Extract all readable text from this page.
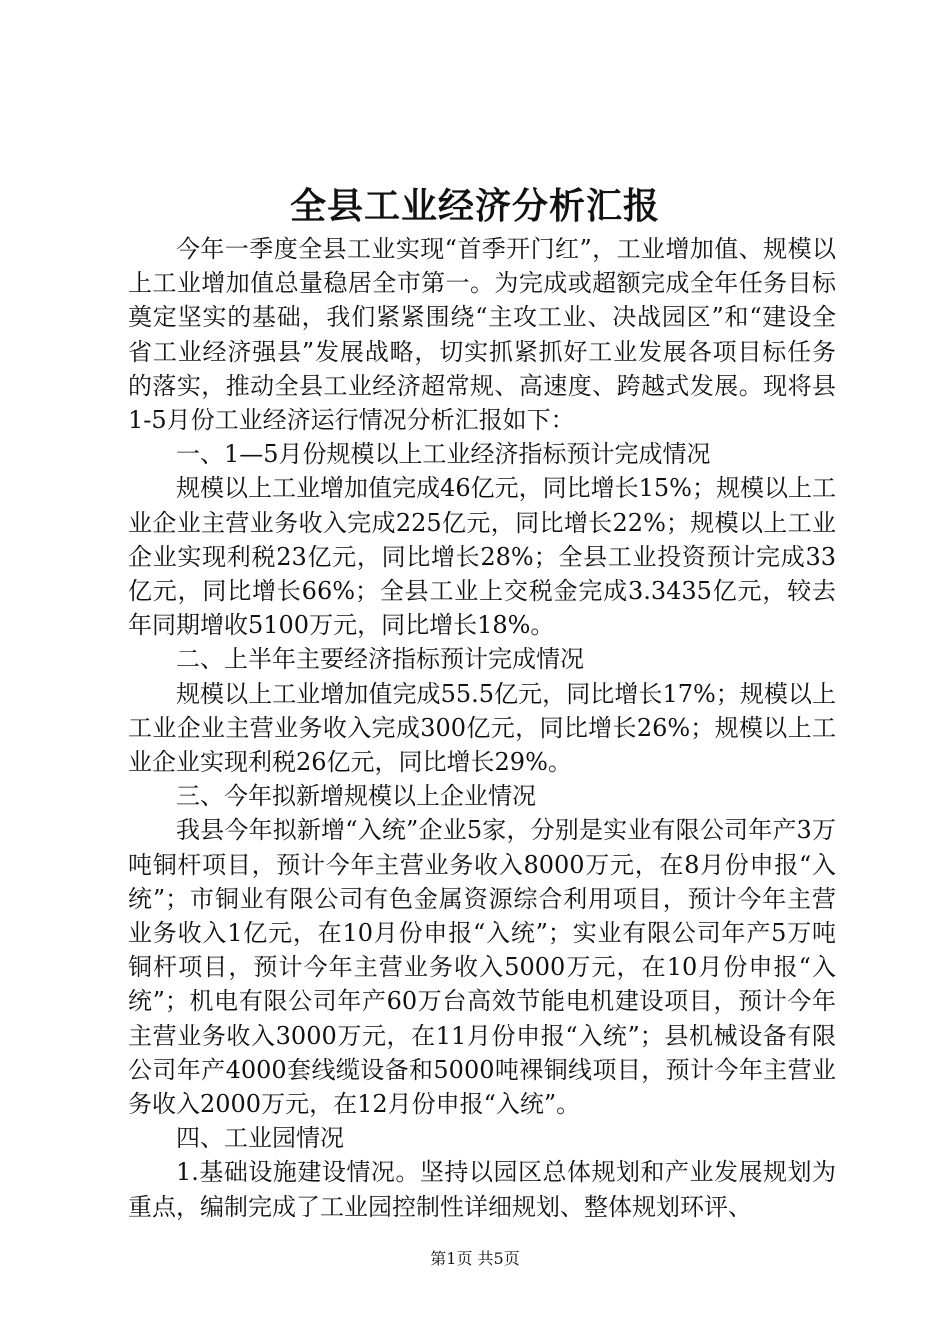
全县工业经济分析汇报

今年一季度全县工业实现“首季开门红”，工业增加值、规模以上工业增加值总量稳居全市第一。为完成或超额完成全年任务目标奠定坚实的基础，我们紧紧围绕“主攻工业、决战园区”和“建设全省工业经济强县”发展战略，切实抓紧抓好工业发展各项目标任务的落实，推动全县工业经济超常规、高速度、跨越式发展。现将县1-5月份工业经济运行情况分析汇报如下：

一、1—5月份规模以上工业经济指标预计完成情况

规模以上工业增加值完成46亿元，同比增长15%；规模以上工业企业主营业务收入完成225亿元，同比增长22%；规模以上工业企业实现利税23亿元，同比增长28%；全县工业投资预计完成33亿元，同比增长66%；全县工业上交税金完成3.3435亿元，较去年同期增收5100万元，同比增长18%。

二、上半年主要经济指标预计完成情况

规模以上工业增加值完成55.5亿元，同比增长17%；规模以上工业企业主营业务收入完成300亿元，同比增长26%；规模以上工业企业实现利税26亿元，同比增长29%。

三、今年拟新增规模以上企业情况

我县今年拟新增“入统”企业5家，分别是实业有限公司年产3万吨铜杆项目，预计今年主营业务收入8000万元，在8月份申报“入统”；市铜业有限公司有色金属资源综合利用项目，预计今年主营业务收入1亿元，在10月份申报“入统”；实业有限公司年产5万吨铜杆项目，预计今年主营业务收入5000万元，在10月份申报“入统”；机电有限公司年产60万台高效节能电机建设项目，预计今年主营业务收入3000万元，在11月份申报“入统”；县机械设备有限公司年产4000套线缆设备和5000吨裸铜线项目，预计今年主营业务收入2000万元，在12月份申报“入统”。

四、工业园情况

1.基础设施建设情况。坚持以园区总体规划和产业发展规划为重点，编制完成了工业园控制性详细规划、整体规划环评、

第1页 共5页
